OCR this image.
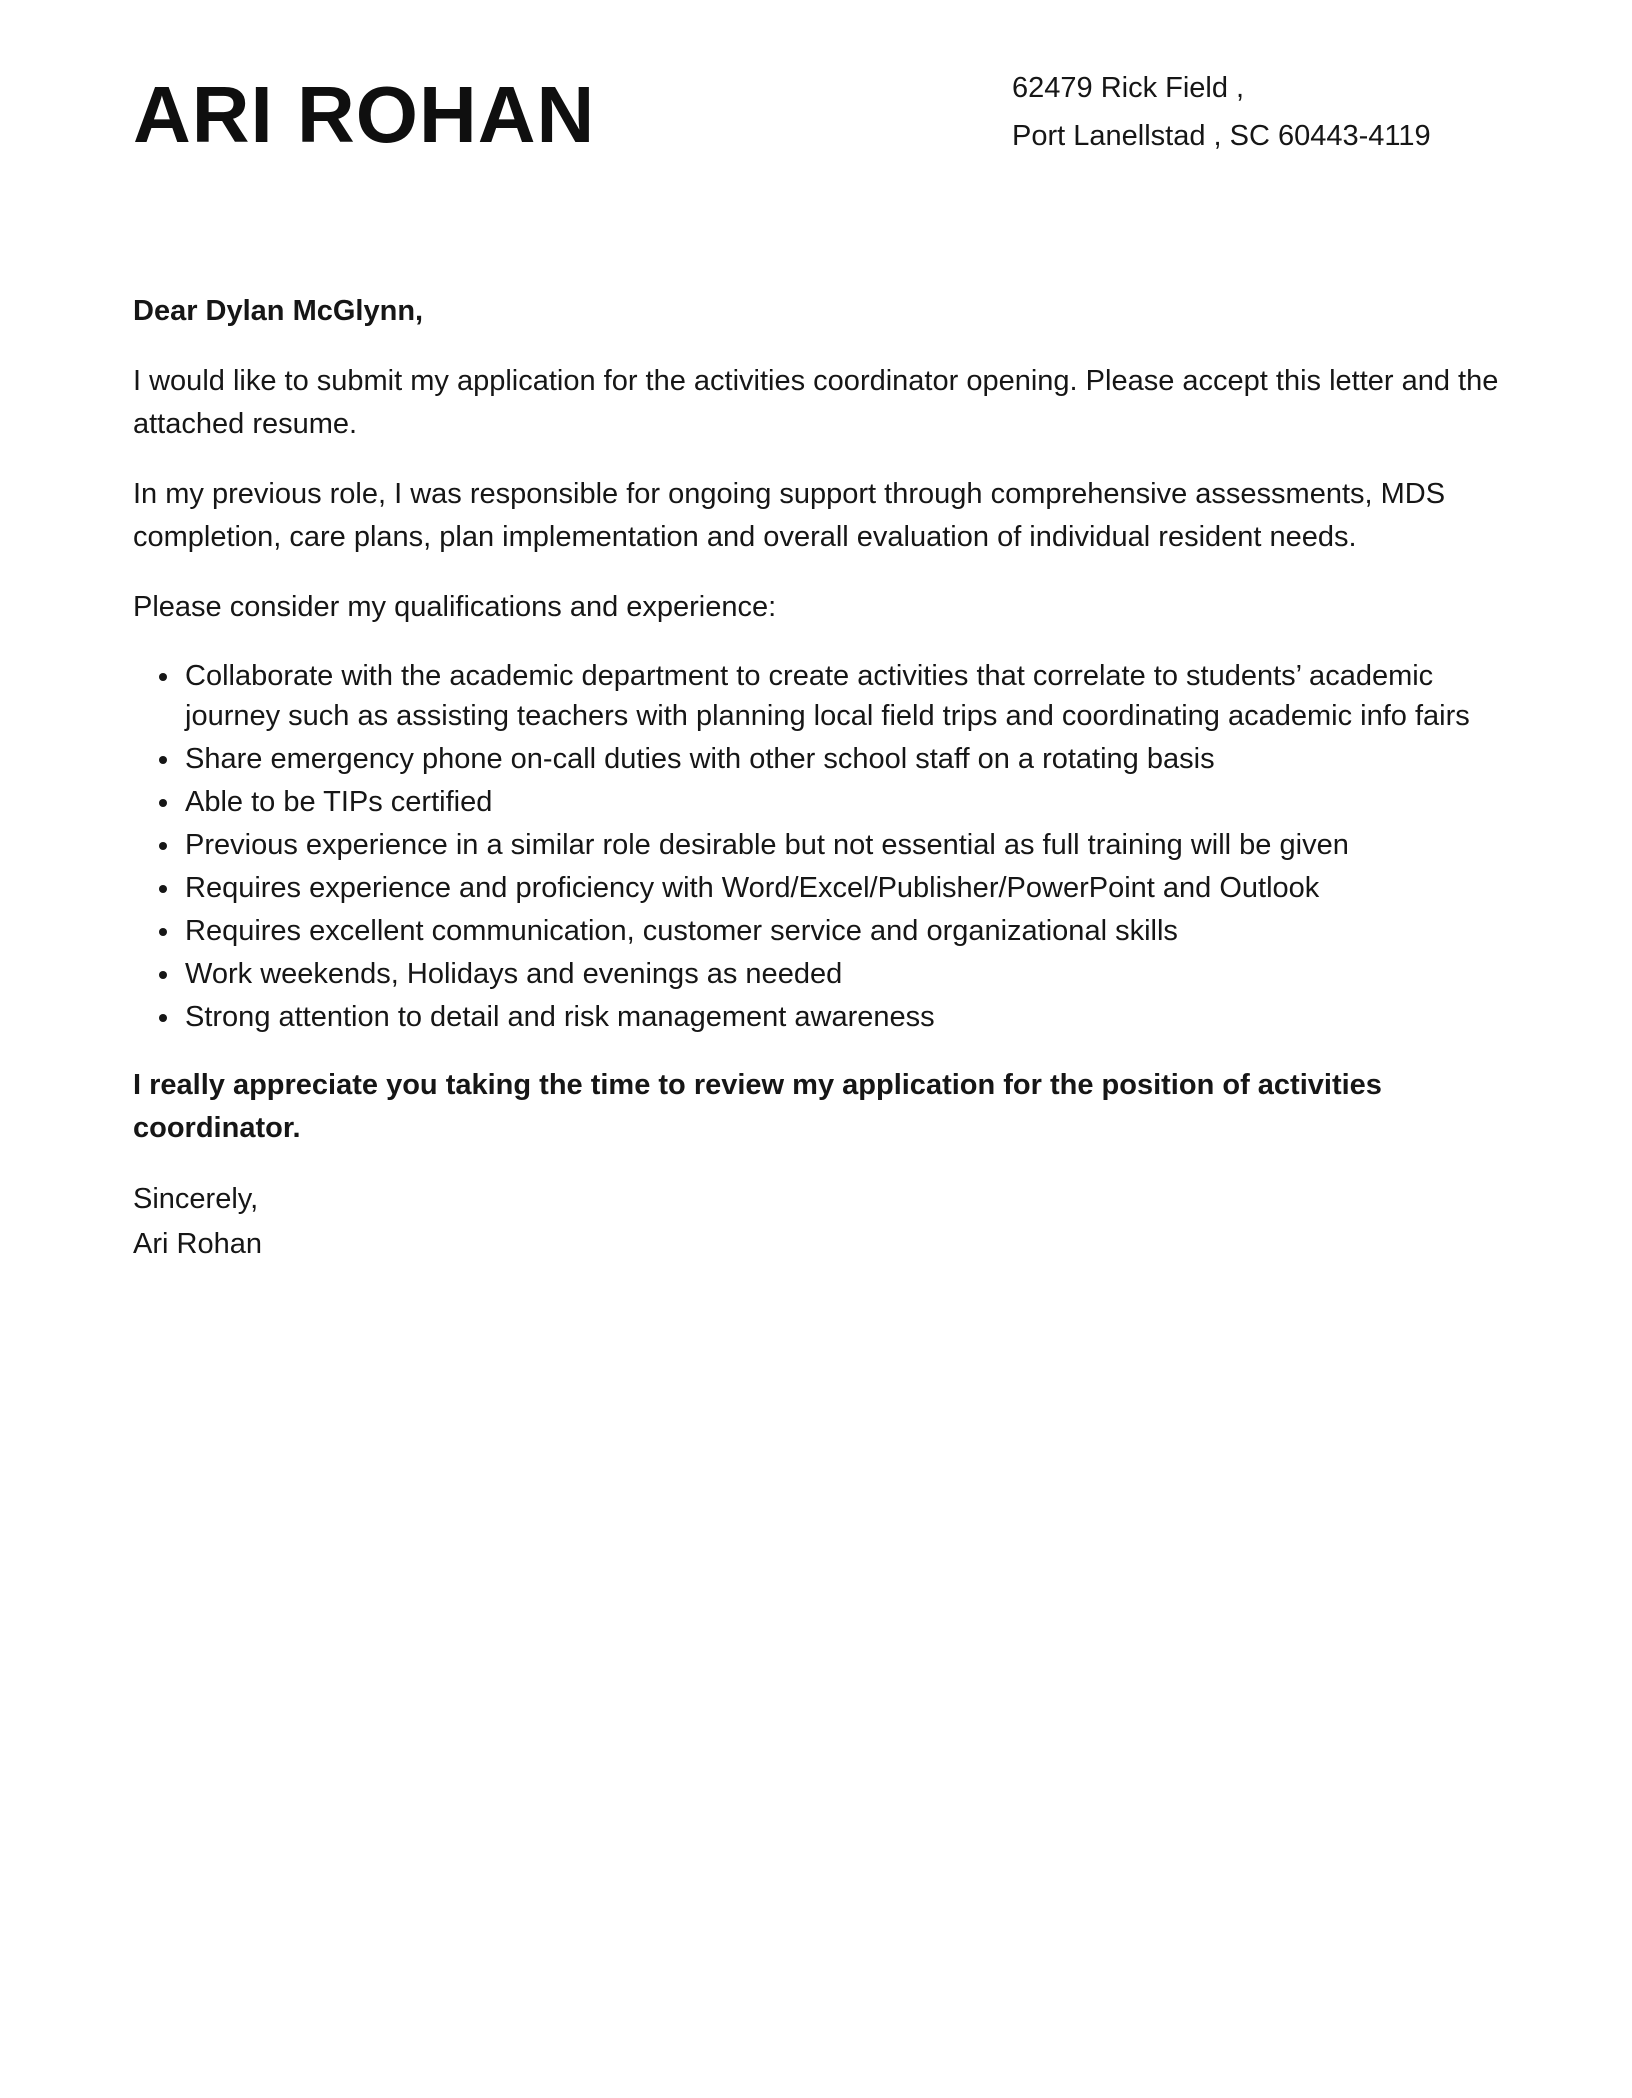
ARI ROHAN	62479 Rick Field ,
Port Lanellstad , SC 60443-4119

Dear Dylan McGlynn,

I would like to submit my application for the activities coordinator opening. Please accept this letter and the attached resume.

In my previous role, I was responsible for ongoing support through comprehensive assessments, MDS completion, care plans, plan implementation and overall evaluation of individual resident needs.

Please consider my qualifications and experience:

• Collaborate with the academic department to create activities that correlate to students’ academic journey such as assisting teachers with planning local field trips and coordinating academic info fairs
• Share emergency phone on-call duties with other school staff on a rotating basis
• Able to be TIPs certified
• Previous experience in a similar role desirable but not essential as full training will be given
• Requires experience and proficiency with Word/Excel/Publisher/PowerPoint and Outlook
• Requires excellent communication, customer service and organizational skills
• Work weekends, Holidays and evenings as needed
• Strong attention to detail and risk management awareness

I really appreciate you taking the time to review my application for the position of activities coordinator.

Sincerely,

Ari Rohan
